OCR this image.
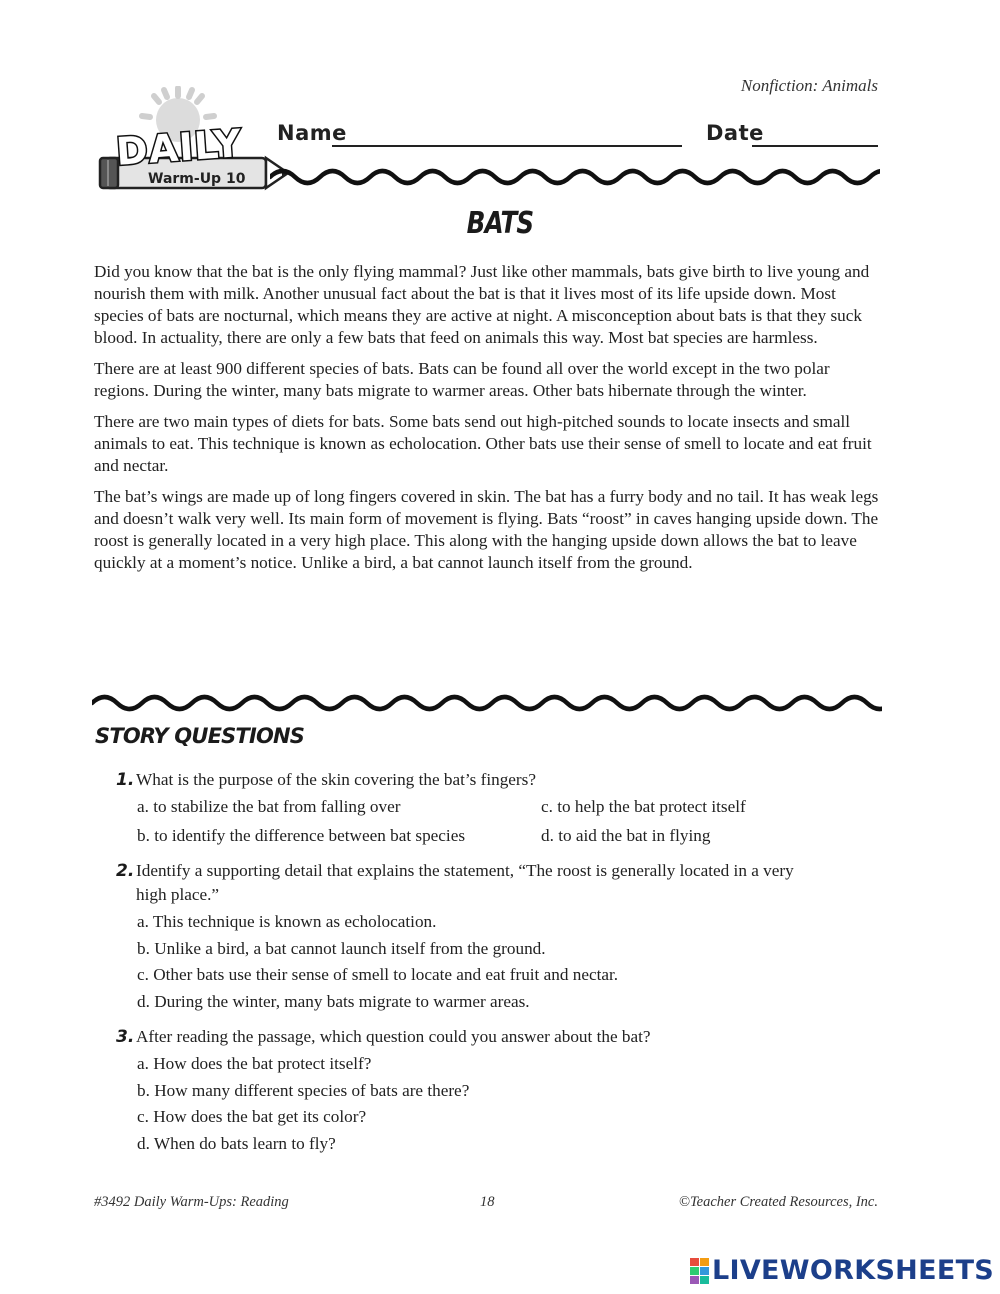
Nonfiction: Animals
DAILY
Warm-Up 10
Name	Date
BATS

Did you know that the bat is the only flying mammal? Just like other mammals, bats give birth to live young and nourish them with milk. Another unusual fact about the bat is that it lives most of its life upside down. Most species of bats are nocturnal, which means they are active at night. A misconception about bats is that they suck blood. In actuality, there are only a few bats that feed on animals this way. Most bat species are harmless.

There are at least 900 different species of bats. Bats can be found all over the world except in the two polar regions. During the winter, many bats migrate to warmer areas. Other bats hibernate through the winter.

There are two main types of diets for bats. Some bats send out high-pitched sounds to locate insects and small animals to eat. This technique is known as echolocation. Other bats use their sense of smell to locate and eat fruit and nectar.

The bat’s wings are made up of long fingers covered in skin. The bat has a furry body and no tail. It has weak legs and doesn’t walk very well. Its main form of movement is flying. Bats “roost” in caves hanging upside down. The roost is generally located in a very high place. This along with the hanging upside down allows the bat to leave quickly at a moment’s notice. Unlike a bird, a bat cannot launch itself from the ground.

STORY QUESTIONS
1. What is the purpose of the skin covering the bat’s fingers?
a. to stabilize the bat from falling over	c. to help the bat protect itself
b. to identify the difference between bat species	d. to aid the bat in flying
2. Identify a supporting detail that explains the statement, “The roost is generally located in a very high place.”
a. This technique is known as echolocation.
b. Unlike a bird, a bat cannot launch itself from the ground.
c. Other bats use their sense of smell to locate and eat fruit and nectar.
d. During the winter, many bats migrate to warmer areas.
3. After reading the passage, which question could you answer about the bat?
a. How does the bat protect itself?
b. How many different species of bats are there?
c. How does the bat get its color?
d. When do bats learn to fly?
#3492 Daily Warm-Ups: Reading	18	©Teacher Created Resources, Inc.
LIVEWORKSHEETS
